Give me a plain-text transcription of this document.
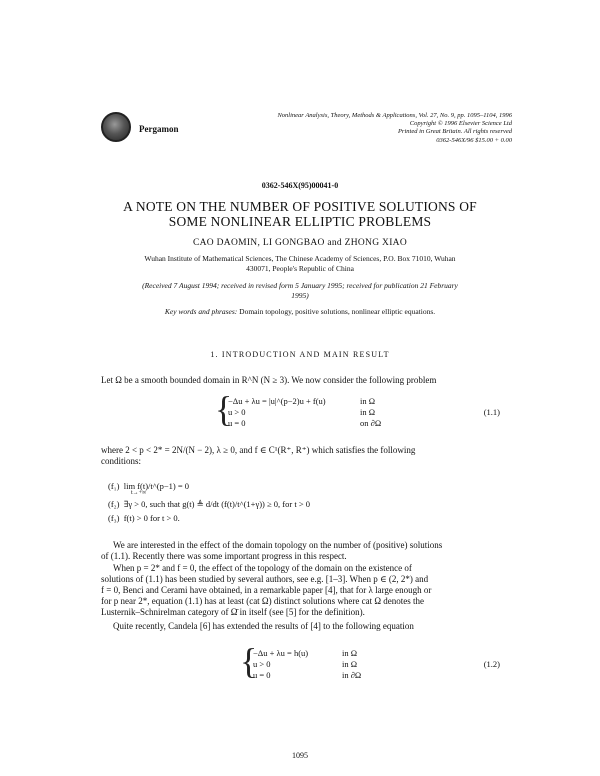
Pergamon
Nonlinear Analysis, Theory, Methods & Applications, Vol. 27, No. 9, pp. 1095–1104, 1996
Copyright © 1996 Elsevier Science Ltd
Printed in Great Britain. All rights reserved
0362-546X/96 $15.00 + 0.00
0362-546X(95)00041-0
A NOTE ON THE NUMBER OF POSITIVE SOLUTIONS OF
SOME NONLINEAR ELLIPTIC PROBLEMS
CAO DAOMIN, LI GONGBAO and ZHONG XIAO
Wuhan Institute of Mathematical Sciences, The Chinese Academy of Sciences, P.O. Box 71010, Wuhan
430071, People's Republic of China
(Received 7 August 1994; received in revised form 5 January 1995; received for publication 21 February
1995)
Key words and phrases: Domain topology, positive solutions, nonlinear elliptic equations.
1. INTRODUCTION AND MAIN RESULT
Let Ω be a smooth bounded domain in R^N (N ≥ 3). We now consider the following problem
{
−Δu + λu = |u|^(p−2)u + f(u)
u > 0
u = 0
in Ω
in Ω
on ∂Ω
(1.1)
where 2 < p < 2* = 2N/(N − 2), λ ≥ 0, and f ∈ C¹(R⁺, R⁺) which satisfies the following
conditions:
(f₁) lim f(t)/t^(p−1) = 0
t→+∞
(f₂) ∃γ > 0, such that g(t) ≜ d/dt (f(t)/t^(1+γ)) ≥ 0, for t > 0
(f₃) f(t) > 0 for t > 0.
We are interested in the effect of the domain topology on the number of (positive) solutions
of (1.1). Recently there was some important progress in this respect.
When p = 2* and f = 0, the effect of the topology of the domain on the existence of
solutions of (1.1) has been studied by several authors, see e.g. [1–3]. When p ∈ (2, 2*) and
f = 0, Benci and Cerami have obtained, in a remarkable paper [4], that for λ large enough or
for p near 2*, equation (1.1) has at least (cat Ω) distinct solutions where cat Ω denotes the
Lusternik–Schnirelman category of Ω̄ in itself (see [5] for the definition).
Quite recently, Candela [6] has extended the results of [4] to the following equation
{
−Δu + λu = h(u)
u > 0
u = 0
in Ω
in Ω
in ∂Ω
(1.2)
1095
